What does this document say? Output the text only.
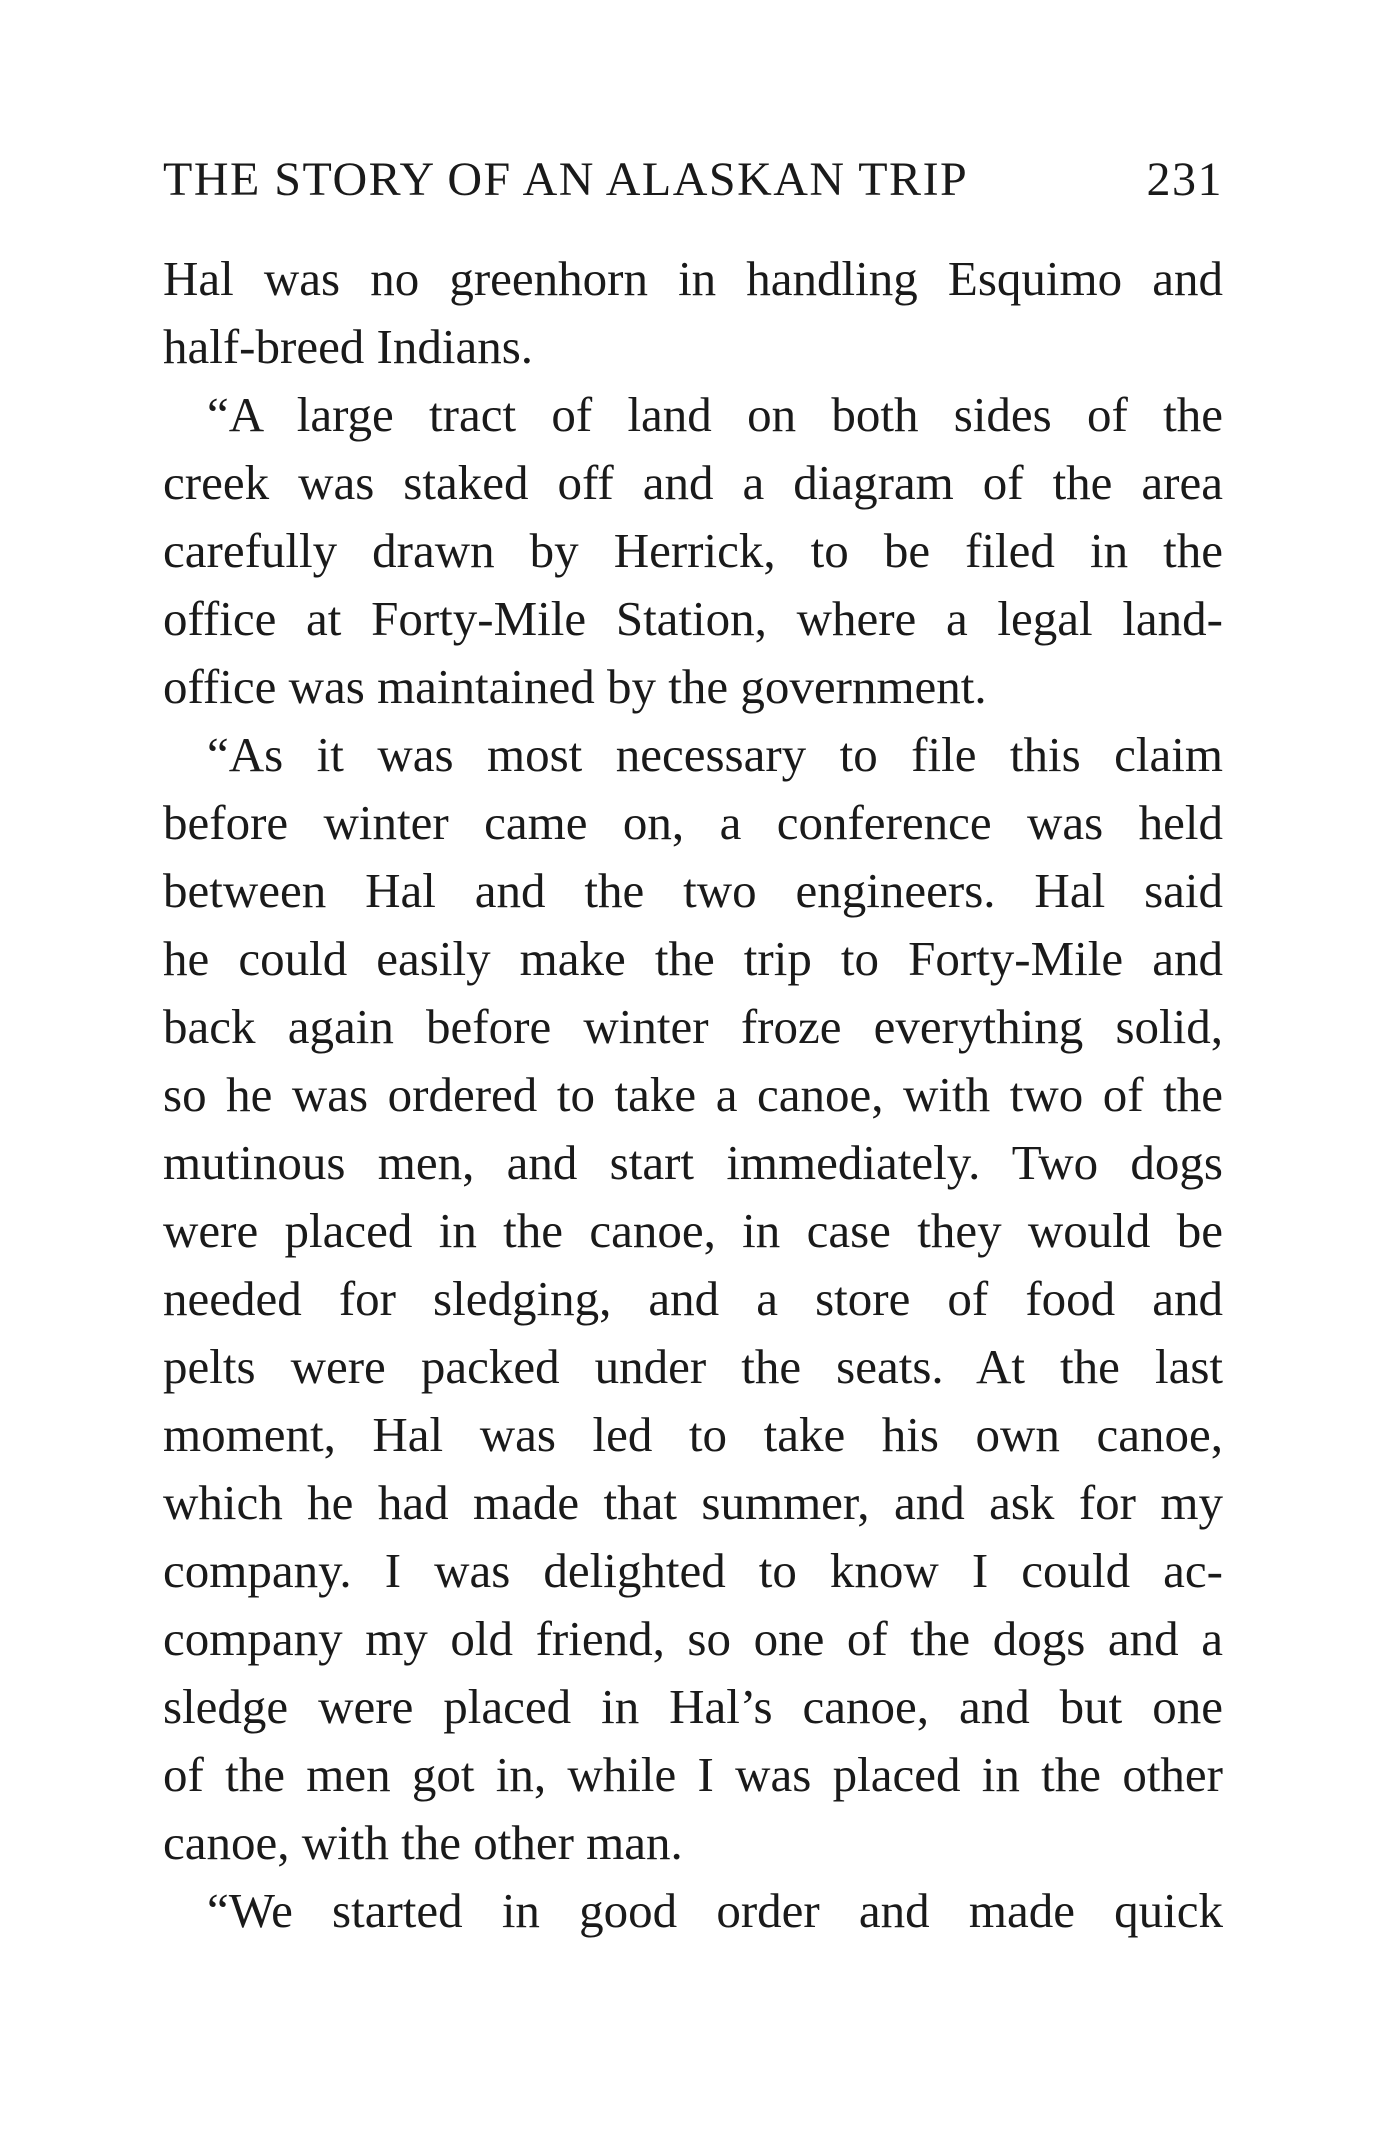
THE STORY OF AN ALASKAN TRIP	231
Hal was no greenhorn in handling Esquimo and
half-breed Indians.
“A large tract of land on both sides of the
creek was staked off and a diagram of the area
carefully drawn by Herrick, to be filed in the
office at Forty-Mile Station, where a legal land-
office was maintained by the government.
“As it was most necessary to file this claim
before winter came on, a conference was held
between Hal and the two engineers. Hal said
he could easily make the trip to Forty-Mile and
back again before winter froze everything solid,
so he was ordered to take a canoe, with two of the
mutinous men, and start immediately. Two dogs
were placed in the canoe, in case they would be
needed for sledging, and a store of food and
pelts were packed under the seats. At the last
moment, Hal was led to take his own canoe,
which he had made that summer, and ask for my
company. I was delighted to know I could ac-
company my old friend, so one of the dogs and a
sledge were placed in Hal’s canoe, and but one
of the men got in, while I was placed in the other
canoe, with the other man.
“We started in good order and made quick
